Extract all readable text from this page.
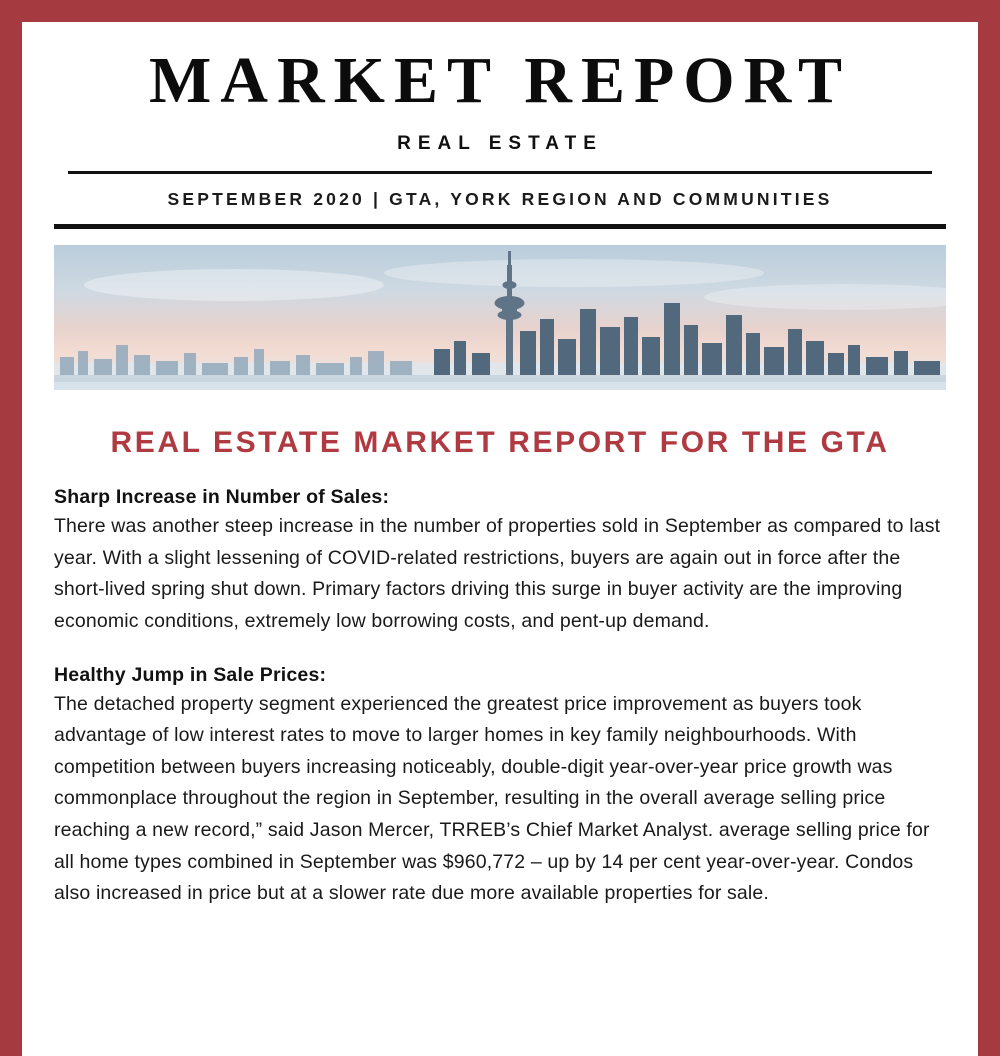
MARKET REPORT
REAL ESTATE
SEPTEMBER 2020 | GTA, YORK REGION AND COMMUNITIES
REAL ESTATE MARKET REPORT FOR THE GTA
Sharp Increase in Number of Sales:
There was another steep increase in the number of properties sold in September as compared to last year. With a slight lessening of COVID-related restrictions, buyers are again out in force after the short-lived spring shut down. Primary factors driving this surge in buyer activity are the improving economic conditions, extremely low borrowing costs, and pent-up demand.
Healthy Jump in Sale Prices:
The detached property segment experienced the greatest price improvement as buyers took advantage of low interest rates to move to larger homes in key family neighbourhoods. With competition between buyers increasing noticeably, double-digit year-over-year price growth was commonplace throughout the region in September, resulting in the overall average selling price reaching a new record,” said Jason Mercer, TRREB’s Chief Market Analyst. average selling price for all home types combined in September was $960,772 – up by 14 per cent year-over-year. Condos also increased in price but at a slower rate due more available properties for sale.
